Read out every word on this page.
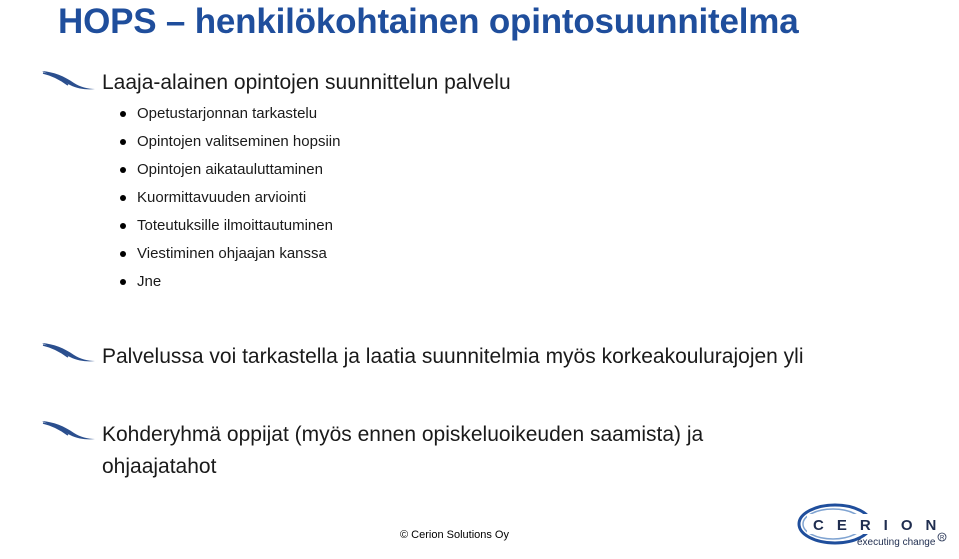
HOPS – henkilökohtainen opintosuunnitelma
Laaja-alainen opintojen suunnittelun palvelu
Opetustarjonnan tarkastelu
Opintojen valitseminen hopsiin
Opintojen aikatauluttaminen
Kuormittavuuden arviointi
Toteutuksille ilmoittautuminen
Viestiminen ohjaajan kanssa
Jne
Palvelussa voi tarkastella ja laatia suunnitelmia myös korkeakoulurajojen yli
Kohderyhmä oppijat (myös ennen opiskeluoikeuden saamista) ja
ohjaajatahot
© Cerion Solutions Oy
CERION
executing change R
